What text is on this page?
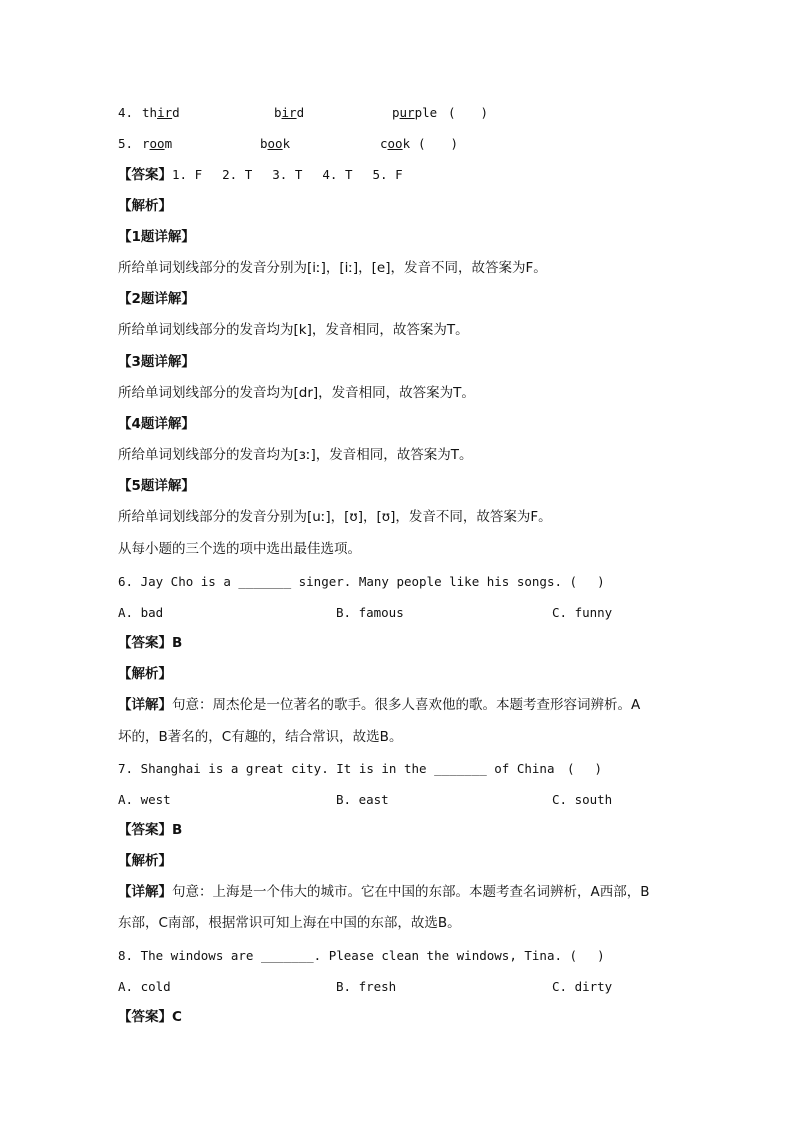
4. third	bird	purple (　　)
5. room	book	cook (　　)
【答案】1. F　 2. T　 3. T　 4. T　 5. F
【解析】
【1题详解】
所给单词划线部分的发音分别为[iː]，[iː]，[e]，发音不同，故答案为F。
【2题详解】
所给单词划线部分的发音均为[k]，发音相同，故答案为T。
【3题详解】
所给单词划线部分的发音均为[dr]，发音相同，故答案为T。
【4题详解】
所给单词划线部分的发音均为[ɜː]，发音相同，故答案为T。
【5题详解】
所给单词划线部分的发音分别为[uː]，[ʊ]，[ʊ]，发音不同，故答案为F。
从每小题的三个选的项中选出最佳选项。
6. Jay Cho is a _______ singer. Many people like his songs. (　 )
A. bad	B. famous	C. funny
【答案】B
【解析】
【详解】句意：周杰伦是一位著名的歌手。很多人喜欢他的歌。本题考查形容词辨析。A
坏的，B著名的，C有趣的，结合常识，故选B。
7. Shanghai is a great city. It is in the _______ of China　(　 )
A. west	B. east	C. south
【答案】B
【解析】
【详解】句意：上海是一个伟大的城市。它在中国的东部。本题考查名词辨析，A西部，B
东部，C南部，根据常识可知上海在中国的东部，故选B。
8. The windows are _______. Please clean the windows, Tina. (　 )
A. cold	B. fresh	C. dirty
【答案】C
